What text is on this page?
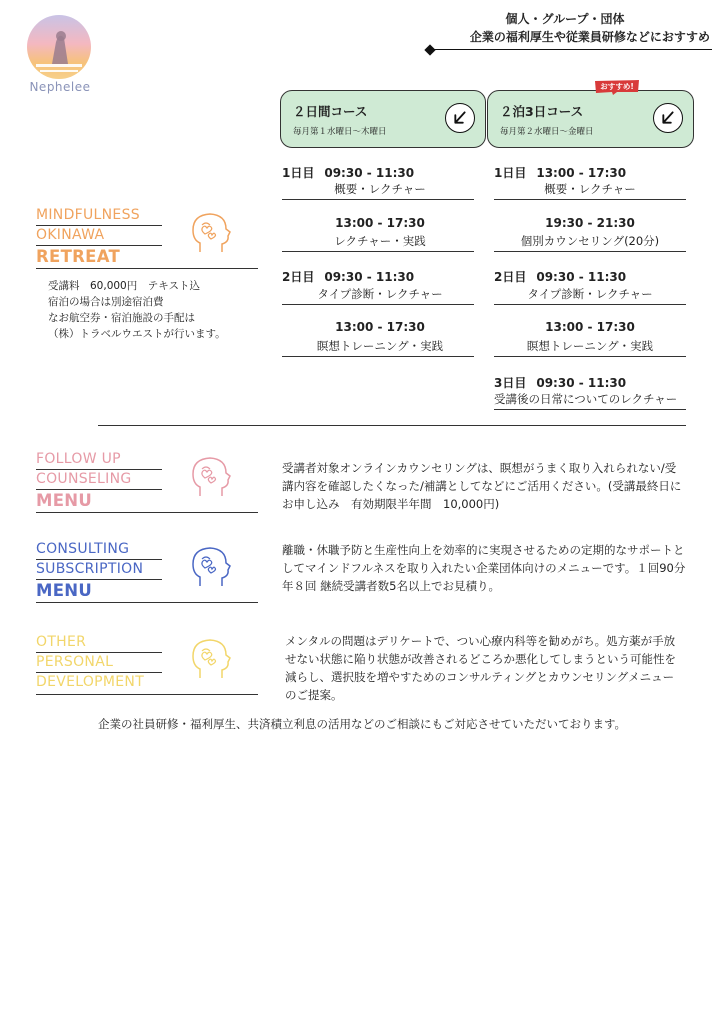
Nephelee
個人・グループ・団体
企業の福利厚生や従業員研修などにおすすめ
２日間コース
毎月第１水曜日〜木曜日
２泊3日コース
毎月第２水曜日〜金曜日
おすすめ!
1日目 09:30 - 11:30
概要・レクチャー
13:00 - 17:30
レクチャー・実践
2日目 09:30 - 11:30
タイプ診断・レクチャー
13:00 - 17:30
瞑想トレーニング・実践
1日目 13:00 - 17:30
概要・レクチャー
19:30 - 21:30
個別カウンセリング(20分)
2日目 09:30 - 11:30
タイプ診断・レクチャー
13:00 - 17:30
瞑想トレーニング・実践
3日目 09:30 - 11:30
受講後の日常についてのレクチャー
MINDFULNESS
OKINAWA
RETREAT
受講料　60,000円　テキスト込
宿泊の場合は別途宿泊費
なお航空券・宿泊施設の手配は
（株）トラベルウエストが行います。
FOLLOW UP
COUNSELING
MENU
受講者対象オンラインカウンセリングは、瞑想がうまく取り入れられない/受講内容を確認したくなった/補講としてなどにご活用ください。(受講最終日にお申し込み　有効期限半年間　10,000円)
CONSULTING
SUBSCRIPTION
MENU
離職・休職予防と生産性向上を効率的に実現させるための定期的なサポートとしてマインドフルネスを取り入れたい企業団体向けのメニューです。１回90分年８回 継続受講者数5名以上でお見積り。
OTHER
PERSONAL
DEVELOPMENT
メンタルの問題はデリケートで、つい心療内科等を勧めがち。処方薬が手放せない状態に陥り状態が改善されるどころか悪化してしまうという可能性を減らし、選択肢を増やすためのコンサルティングとカウンセリングメニューのご提案。
企業の社員研修・福利厚生、共済積立利息の活用などのご相談にもご対応させていただいております。
